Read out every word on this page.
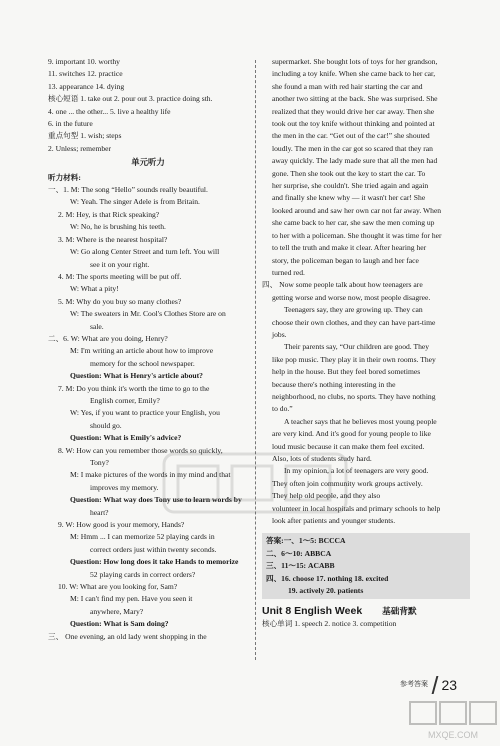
9. important 10. worthy
11. switches 12. practice
13. appearance 14. dying
核心短语 1. take out 2. pour out 3. practice doing sth.
4. one ... the other... 5. live a healthy life
6. in the future
重点句型 1. wish; steps
2. Unless; remember
单元听力
听力材料:
一、1. M: The song “Hello” sounds really beautiful.
W: Yeah. The singer Adele is from Britain.
2. M: Hey, is that Rick speaking?
W: No, he is brushing his teeth.
3. M: Where is the nearest hospital?
W: Go along Center Street and turn left. You will
see it on your right.
4. M: The sports meeting will be put off.
W: What a pity!
5. M: Why do you buy so many clothes?
W: The sweaters in Mr. Cool's Clothes Store are on
sale.
二、6. W: What are you doing, Henry?
M: I'm writing an article about how to improve
memory for the school newspaper.
Question: What is Henry's article about?
7. M: Do you think it's worth the time to go to the
English corner, Emily?
W: Yes, if you want to practice your English, you
should go.
Question: What is Emily's advice?
8. W: How can you remember those words so quickly,
Tony?
M: I make pictures of the words in my mind and that
improves my memory.
Question: What way does Tony use to learn words by
heart?
9. W: How good is your memory, Hands?
M: Hmm ... I can memorize 52 playing cards in
correct orders just within twenty seconds.
Question: How long does it take Hands to memorize
52 playing cards in correct orders?
10. W: What are you looking for, Sam?
M: I can't find my pen. Have you seen it
anywhere, Mary?
Question: What is Sam doing?
三、 One evening, an old lady went shopping in the
supermarket. She bought lots of toys for her grandson,
including a toy knife. When she came back to her car,
she found a man with red hair starting the car and
another two sitting at the back. She was surprised. She
realized that they would drive her car away. Then she
took out the toy knife without thinking and pointed at
the men in the car. “Get out of the car!” she shouted
loudly. The men in the car got so scared that they ran
away quickly. The lady made sure that all the men had
gone. Then she took out the key to start the car. To
her surprise, she couldn't. She tried again and again
and finally she knew why — it wasn't her car! She
looked around and saw her own car not far away. When
she came back to her car, she saw the men coming up
to her with a policeman. She thought it was time for her
to tell the truth and make it clear. After hearing her
story, the policeman began to laugh and her face
turned red.
四、 Now some people talk about how teenagers are
getting worse and worse now, most people disagree.
Teenagers say, they are growing up. They can
choose their own clothes, and they can have part-time
jobs.
Their parents say, “Our children are good. They
like pop music. They play it in their own rooms. They
help in the house. But they feel bored sometimes
because there's nothing interesting in the
neighborhood, no clubs, no sports. They have nothing
to do.”
A teacher says that he believes most young people
are very kind. And it's good for young people to like
loud music because it can make them feel excited.
Also, lots of students study hard.
In my opinion, a lot of teenagers are very good.
They often join community work groups actively.
They help old people, and they also
volunteer in local hospitals and primary schools to help
look after patients and younger students.
答案:一、1～5: BCCCA
二、6～10: ABBCA
三、11～15: ACABB
四、16. choose 17. nothing 18. excited
19. actively 20. patients
Unit 8 English Week 基础背默
核心单词 1. speech 2. notice 3. competition
参考答案 23
MXQE.COM
